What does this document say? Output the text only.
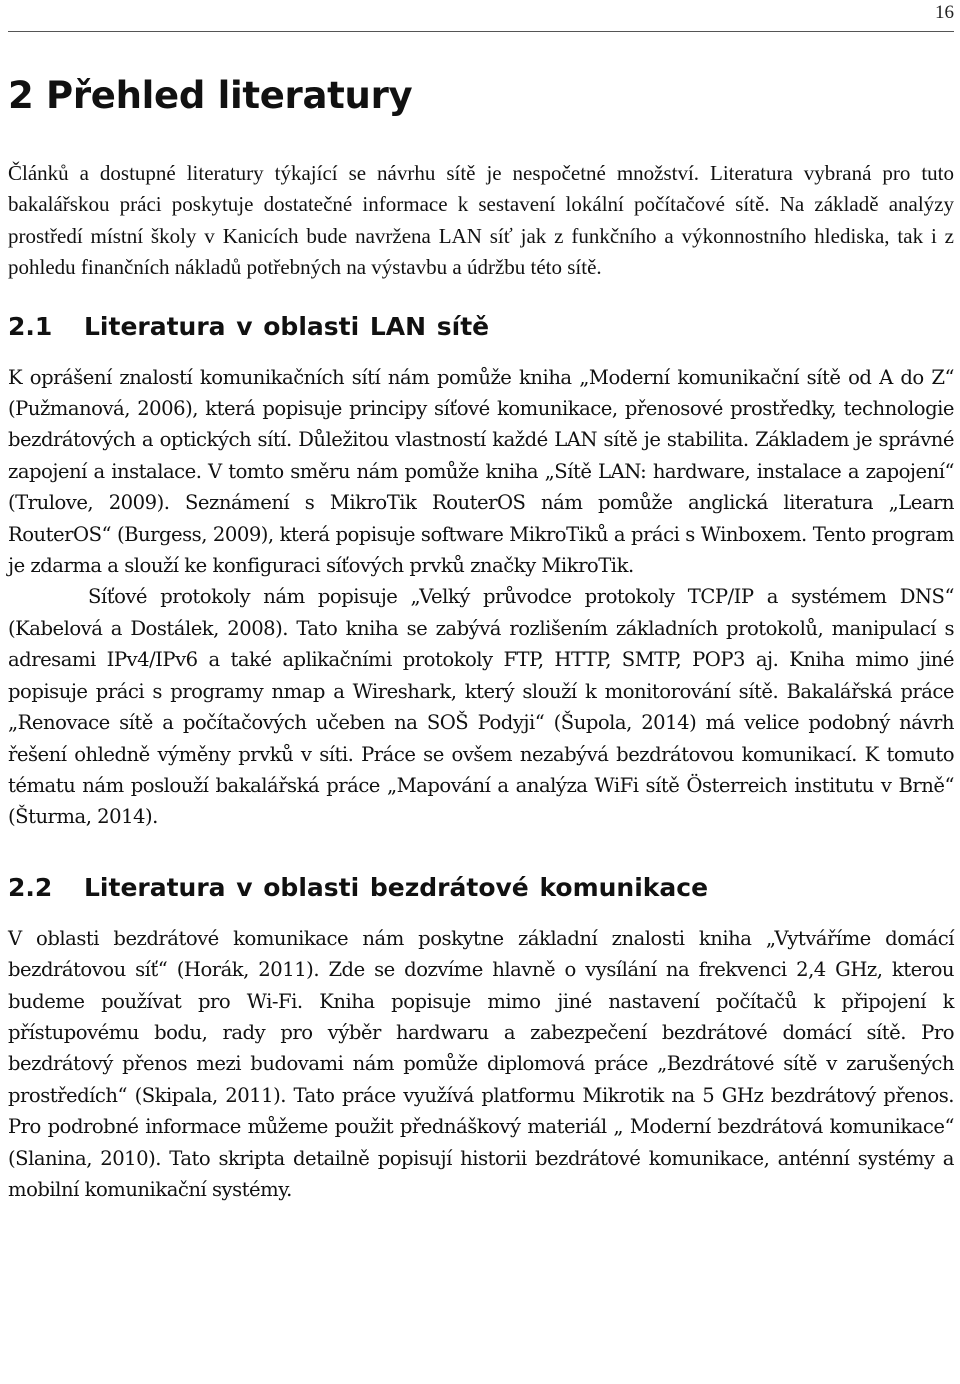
16
2 Přehled literatury

Článků a dostupné literatury týkající se návrhu sítě je nespočetné množství. Literatura vybraná pro tuto bakalářskou práci poskytuje dostatečné informace k sestavení lokální počítačové sítě. Na základě analýzy prostředí místní školy v Kanicích bude navržena LAN síť jak z funkčního a výkonnostního hlediska, tak i z pohledu finančních nákladů potřebných na výstavbu a údržbu této sítě.

2.1 Literatura v oblasti LAN sítě

K oprášení znalostí komunikačních sítí nám pomůže kniha „Moderní komunikační sítě od A do Z“ (Pužmanová, 2006), která popisuje principy síťové komunikace, přenosové prostředky, technologie bezdrátových a optických sítí. Důležitou vlastností každé LAN sítě je stabilita. Základem je správné zapojení a instalace. V tomto směru nám pomůže kniha „Sítě LAN: hardware, instalace a zapojení“ (Trulove, 2009). Seznámení s MikroTik RouterOS nám pomůže anglická literatura „Learn RouterOS“ (Burgess, 2009), která popisuje software MikroTiků a práci s Winboxem. Tento program je zdarma a slouží ke konfiguraci síťových prvků značky MikroTik.

Síťové protokoly nám popisuje „Velký průvodce protokoly TCP/IP a systémem DNS“ (Kabelová a Dostálek, 2008). Tato kniha se zabývá rozlišením základních protokolů, manipulací s adresami IPv4/IPv6 a také aplikačními protokoly FTP, HTTP, SMTP, POP3 aj. Kniha mimo jiné popisuje práci s programy nmap a Wireshark, který slouží k monitorování sítě. Bakalářská práce „Renovace sítě a počítačových učeben na SOŠ Podyji“ (Šupola, 2014) má velice podobný návrh řešení ohledně výměny prvků v síti. Práce se ovšem nezabývá bezdrátovou komunikací. K tomuto tématu nám poslouží bakalářská práce „Mapování a analýza WiFi sítě Österreich institutu v Brně“ (Šturma, 2014).

2.2 Literatura v oblasti bezdrátové komunikace

V oblasti bezdrátové komunikace nám poskytne základní znalosti kniha „Vytváříme domácí bezdrátovou síť“ (Horák, 2011). Zde se dozvíme hlavně o vysílání na frekvenci 2,4 GHz, kterou budeme používat pro Wi-Fi. Kniha popisuje mimo jiné nastavení počítačů k připojení k přístupovému bodu, rady pro výběr hardwaru a zabezpečení bezdrátové domácí sítě. Pro bezdrátový přenos mezi budovami nám pomůže diplomová práce „Bezdrátové sítě v zarušených prostředích“ (Skipala, 2011). Tato práce využívá platformu Mikrotik na 5 GHz bezdrátový přenos. Pro podrobné informace můžeme použit přednáškový materiál „ Moderní bezdrátová komunikace“ (Slanina, 2010). Tato skripta detailně popisují historii bezdrátové komunikace, anténní systémy a mobilní komunikační systémy.
